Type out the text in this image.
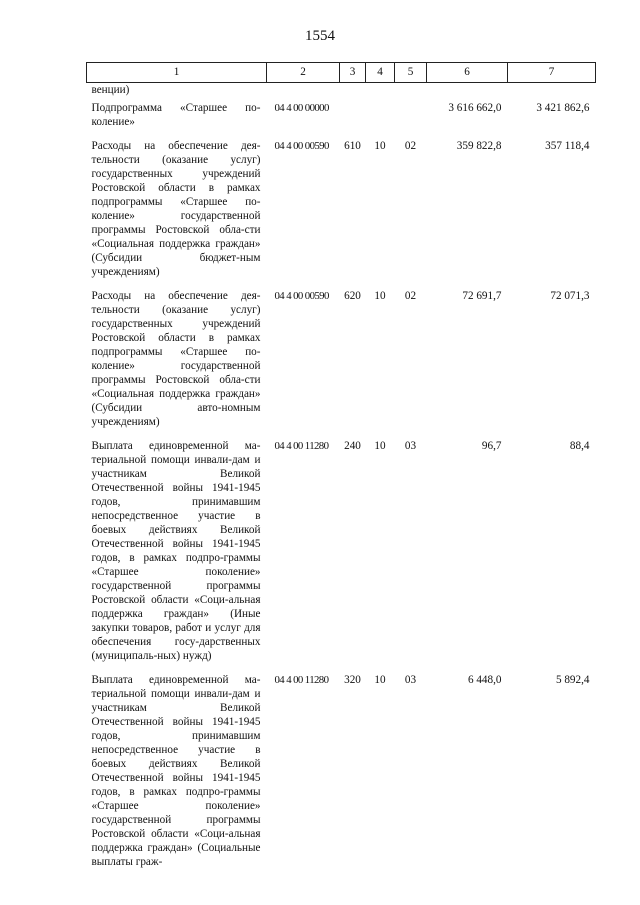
1554
1	2	3	4	5	6	7
венции)						
Подпрограмма «Старшее по-коление»	04 4 00 00000				3 616 662,0	3 421 862,6
Расходы на обеспечение дея-тельности (оказание услуг) государственных учреждений Ростовской области в рамках подпрограммы «Старшее по-коление» государственной программы Ростовской обла-сти «Социальная поддержка граждан» (Субсидии бюджет-ным учреждениям)	04 4 00 00590	610	10	02	359 822,8	357 118,4
Расходы на обеспечение дея-тельности (оказание услуг) государственных учреждений Ростовской области в рамках подпрограммы «Старшее по-коление» государственной программы Ростовской обла-сти «Социальная поддержка граждан» (Субсидии авто-номным учреждениям)	04 4 00 00590	620	10	02	72 691,7	72 071,3
Выплата единовременной ма-териальной помощи инвали-дам и участникам Великой Отечественной войны 1941-1945 годов, принимавшим непосредственное участие в боевых действиях Великой Отечественной войны 1941-1945 годов, в рамках подпро-граммы «Старшее поколение» государственной программы Ростовской области «Соци-альная поддержка граждан» (Иные закупки товаров, работ и услуг для обеспечения госу-дарственных (муниципаль-ных) нужд)	04 4 00 11280	240	10	03	96,7	88,4
Выплата единовременной ма-териальной помощи инвали-дам и участникам Великой Отечественной войны 1941-1945 годов, принимавшим непосредственное участие в боевых действиях Великой Отечественной войны 1941-1945 годов, в рамках подпро-граммы «Старшее поколение» государственной программы Ростовской области «Соци-альная поддержка граждан» (Социальные выплаты граж-	04 4 00 11280	320	10	03	6 448,0	5 892,4
